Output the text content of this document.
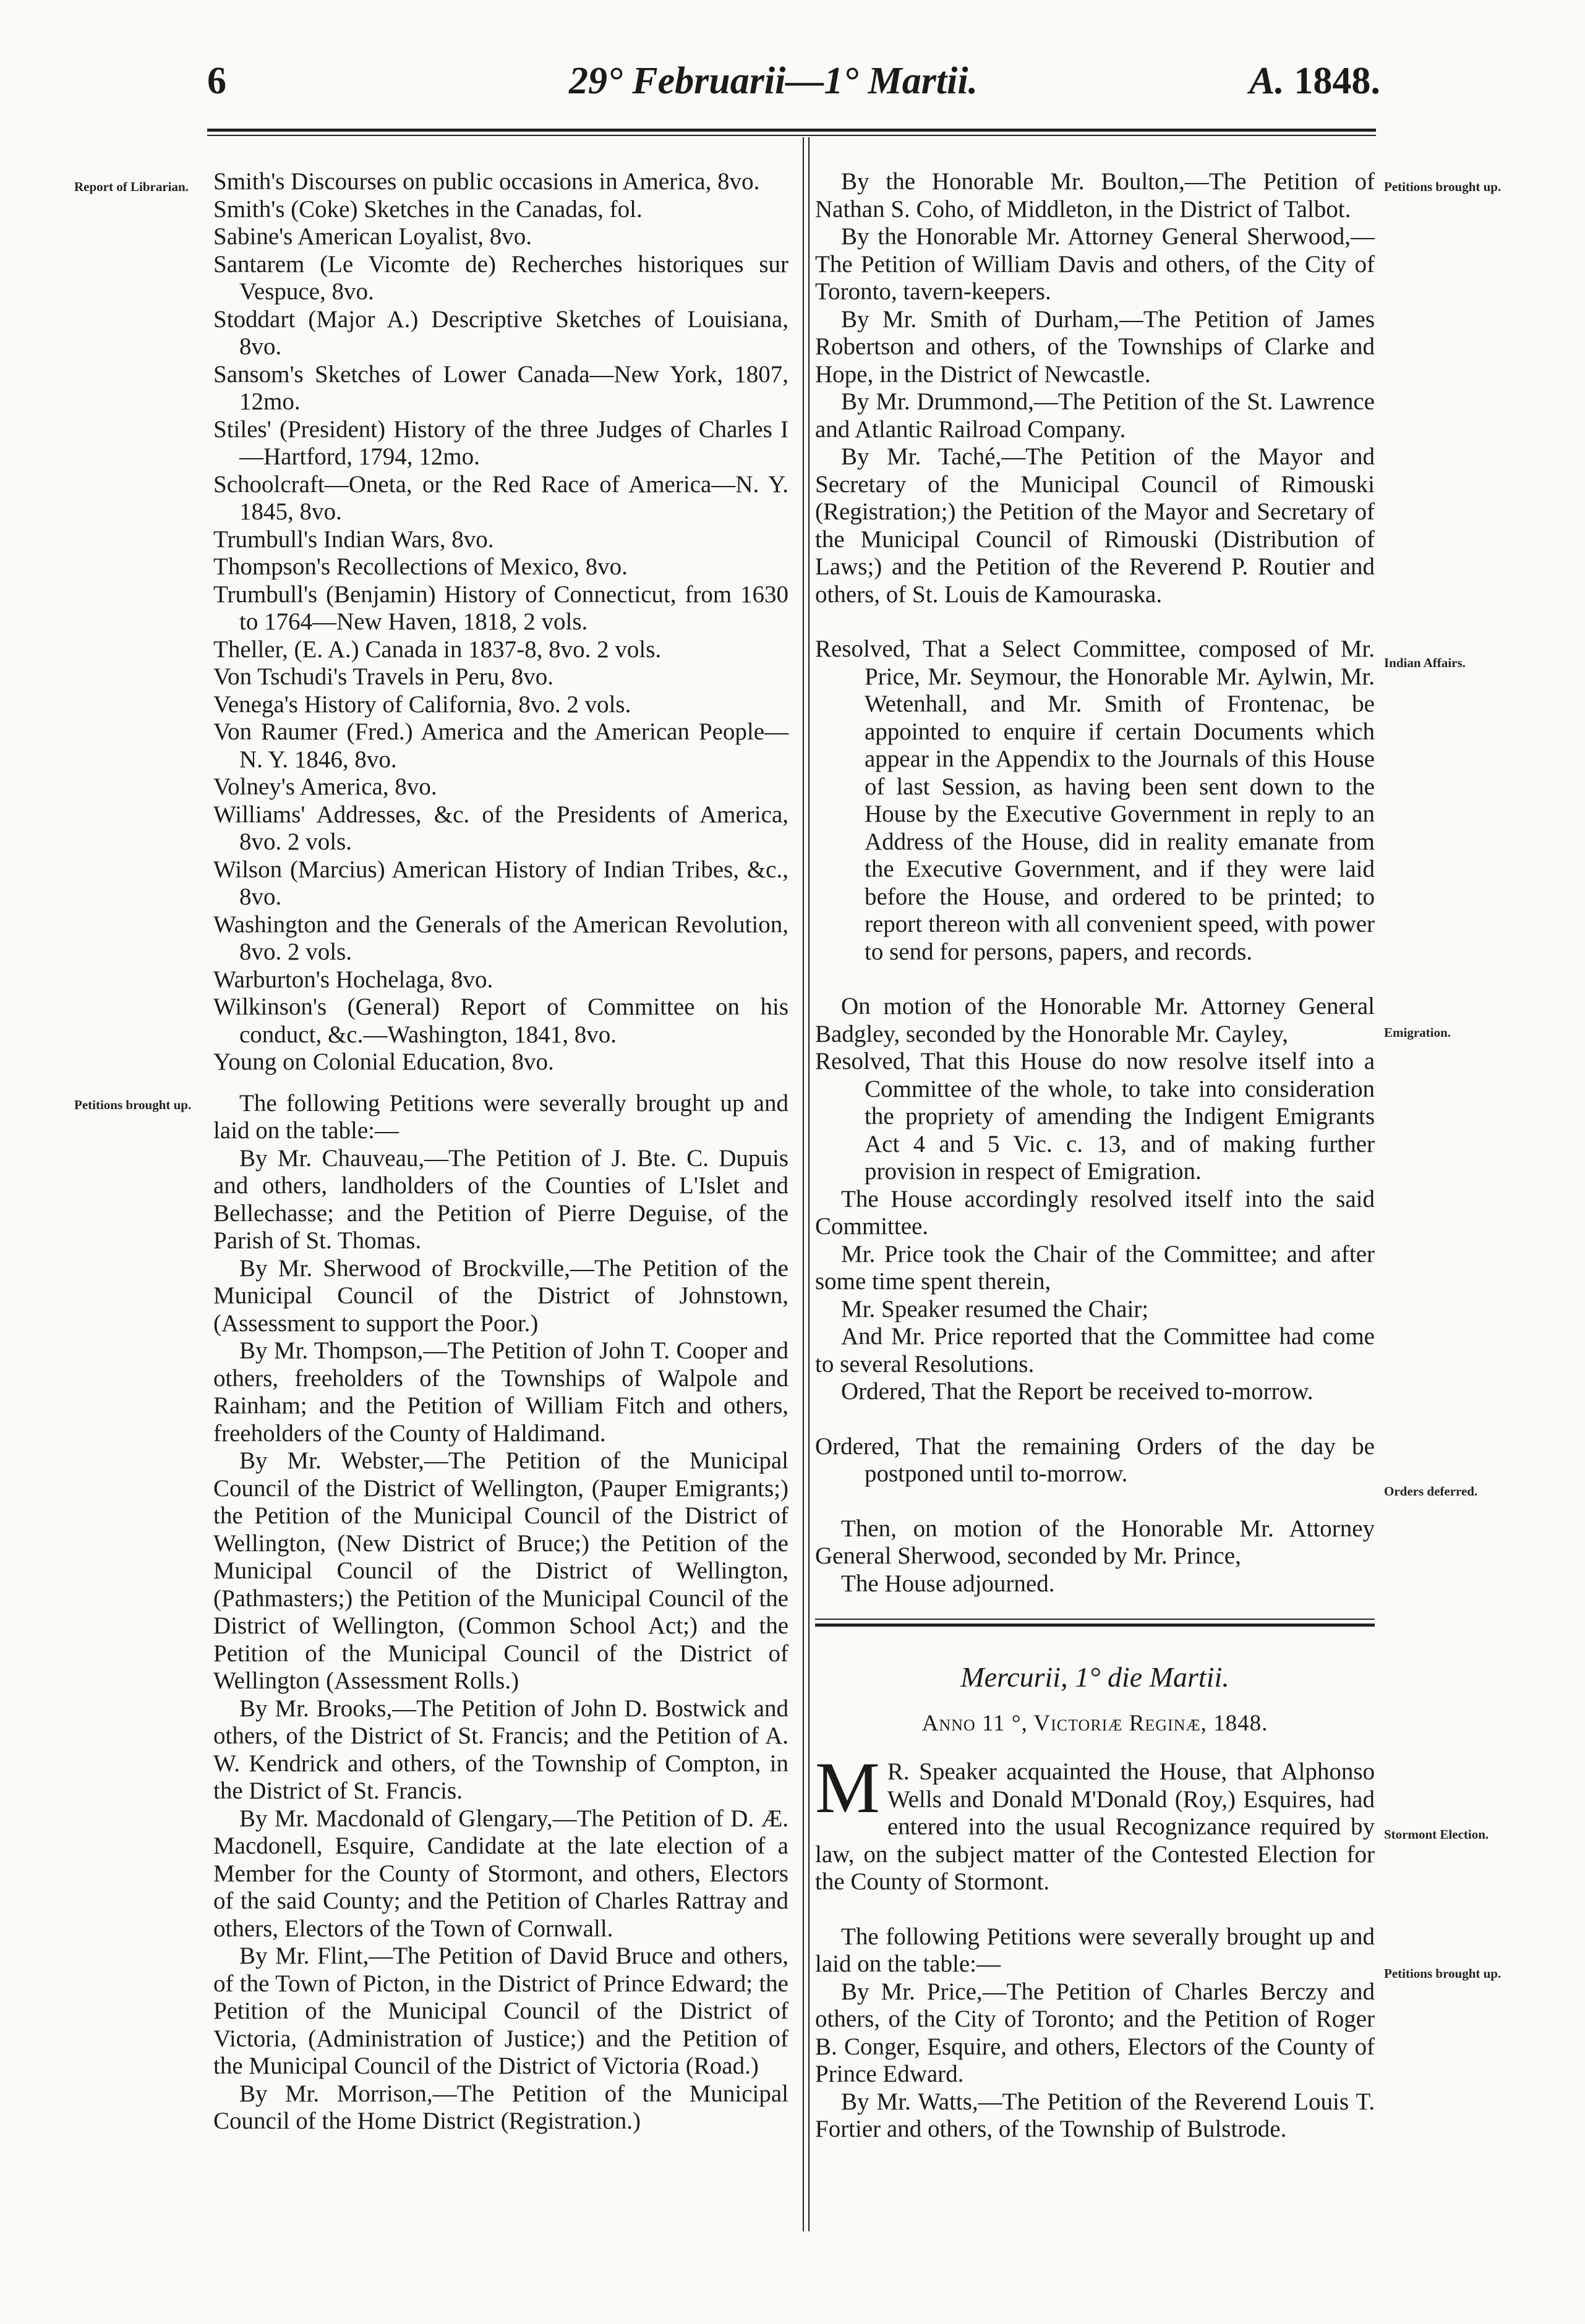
6	29° Februarii—1° Martii.	A. 1848.
Report of Librarian.
Petitions brought up.
Petitions brought up.
Indian Affairs.
Emigration.
Orders deferred.
Stormont Election.
Petitions brought up.

Smith's Discourses on public occasions in America, 8vo.

Smith's (Coke) Sketches in the Canadas, fol.

Sabine's American Loyalist, 8vo.

Santarem (Le Vicomte de) Recherches historiques sur Vespuce, 8vo.

Stoddart (Major A.) Descriptive Sketches of Louisiana, 8vo.

Sansom's Sketches of Lower Canada—New York, 1807, 12mo.

Stiles' (President) History of the three Judges of Charles I—Hartford, 1794, 12mo.

Schoolcraft—Oneta, or the Red Race of America—N. Y. 1845, 8vo.

Trumbull's Indian Wars, 8vo.

Thompson's Recollections of Mexico, 8vo.

Trumbull's (Benjamin) History of Connecticut, from 1630 to 1764—New Haven, 1818, 2 vols.

Theller, (E. A.) Canada in 1837-8, 8vo. 2 vols.

Von Tschudi's Travels in Peru, 8vo.

Venega's History of California, 8vo. 2 vols.

Von Raumer (Fred.) America and the American People—N. Y. 1846, 8vo.

Volney's America, 8vo.

Williams' Addresses, &c. of the Presidents of America, 8vo. 2 vols.

Wilson (Marcius) American History of Indian Tribes, &c., 8vo.

Washington and the Generals of the American Revolution, 8vo. 2 vols.

Warburton's Hochelaga, 8vo.

Wilkinson's (General) Report of Committee on his conduct, &c.—Washington, 1841, 8vo.

Young on Colonial Education, 8vo.

The following Petitions were severally brought up and laid on the table:—

By Mr. Chauveau,—The Petition of J. Bte. C. Dupuis and others, landholders of the Counties of L'Islet and Bellechasse; and the Petition of Pierre Deguise, of the Parish of St. Thomas.

By Mr. Sherwood of Brockville,—The Petition of the Municipal Council of the District of Johnstown, (Assessment to support the Poor.)

By Mr. Thompson,—The Petition of John T. Cooper and others, freeholders of the Townships of Walpole and Rainham; and the Petition of William Fitch and others, freeholders of the County of Haldimand.

By Mr. Webster,—The Petition of the Municipal Council of the District of Wellington, (Pauper Emigrants;) the Petition of the Municipal Council of the District of Wellington, (New District of Bruce;) the Petition of the Municipal Council of the District of Wellington, (Pathmasters;) the Petition of the Municipal Council of the District of Wellington, (Common School Act;) and the Petition of the Municipal Council of the District of Wellington (Assessment Rolls.)

By Mr. Brooks,—The Petition of John D. Bostwick and others, of the District of St. Francis; and the Petition of A. W. Kendrick and others, of the Township of Compton, in the District of St. Francis.

By Mr. Macdonald of Glengary,—The Petition of D. Æ. Macdonell, Esquire, Candidate at the late election of a Member for the County of Stormont, and others, Electors of the said County; and the Petition of Charles Rattray and others, Electors of the Town of Cornwall.

By Mr. Flint,—The Petition of David Bruce and others, of the Town of Picton, in the District of Prince Edward; the Petition of the Municipal Council of the District of Victoria, (Administration of Justice;) and the Petition of the Municipal Council of the District of Victoria (Road.)

By Mr. Morrison,—The Petition of the Municipal Council of the Home District (Registration.)

By the Honorable Mr. Boulton,—The Petition of Nathan S. Coho, of Middleton, in the District of Talbot.

By the Honorable Mr. Attorney General Sherwood,—The Petition of William Davis and others, of the City of Toronto, tavern-keepers.

By Mr. Smith of Durham,—The Petition of James Robertson and others, of the Townships of Clarke and Hope, in the District of Newcastle.

By Mr. Drummond,—The Petition of the St. Lawrence and Atlantic Railroad Company.

By Mr. Taché,—The Petition of the Mayor and Secretary of the Municipal Council of Rimouski (Registration;) the Petition of the Mayor and Secretary of the Municipal Council of Rimouski (Distribution of Laws;) and the Petition of the Reverend P. Routier and others, of St. Louis de Kamouraska.

Resolved, That a Select Committee, composed of Mr. Price, Mr. Seymour, the Honorable Mr. Aylwin, Mr. Wetenhall, and Mr. Smith of Frontenac, be appointed to enquire if certain Documents which appear in the Appendix to the Journals of this House of last Session, as having been sent down to the House by the Executive Government in reply to an Address of the House, did in reality emanate from the Executive Government, and if they were laid before the House, and ordered to be printed; to report thereon with all convenient speed, with power to send for persons, papers, and records.

On motion of the Honorable Mr. Attorney General Badgley, seconded by the Honorable Mr. Cayley,

Resolved, That this House do now resolve itself into a Committee of the whole, to take into consideration the propriety of amending the Indigent Emigrants Act 4 and 5 Vic. c. 13, and of making further provision in respect of Emigration.

The House accordingly resolved itself into the said Committee.

Mr. Price took the Chair of the Committee; and after some time spent therein,

Mr. Speaker resumed the Chair;

And Mr. Price reported that the Committee had come to several Resolutions.

Ordered, That the Report be received to-morrow.

Ordered, That the remaining Orders of the day be postponed until to-morrow.

Then, on motion of the Honorable Mr. Attorney General Sherwood, seconded by Mr. Prince,

The House adjourned.

Mercurii, 1° die Martii.

Anno 11 °, Victoriæ Reginæ, 1848.

M R. Speaker acquainted the House, that Alphonso Wells and Donald M'Donald (Roy,) Esquires, had entered into the usual Recognizance required by law, on the subject matter of the Contested Election for the County of Stormont.

The following Petitions were severally brought up and laid on the table:—

By Mr. Price,—The Petition of Charles Berczy and others, of the City of Toronto; and the Petition of Roger B. Conger, Esquire, and others, Electors of the County of Prince Edward.

By Mr. Watts,—The Petition of the Reverend Louis T. Fortier and others, of the Township of Bulstrode.
